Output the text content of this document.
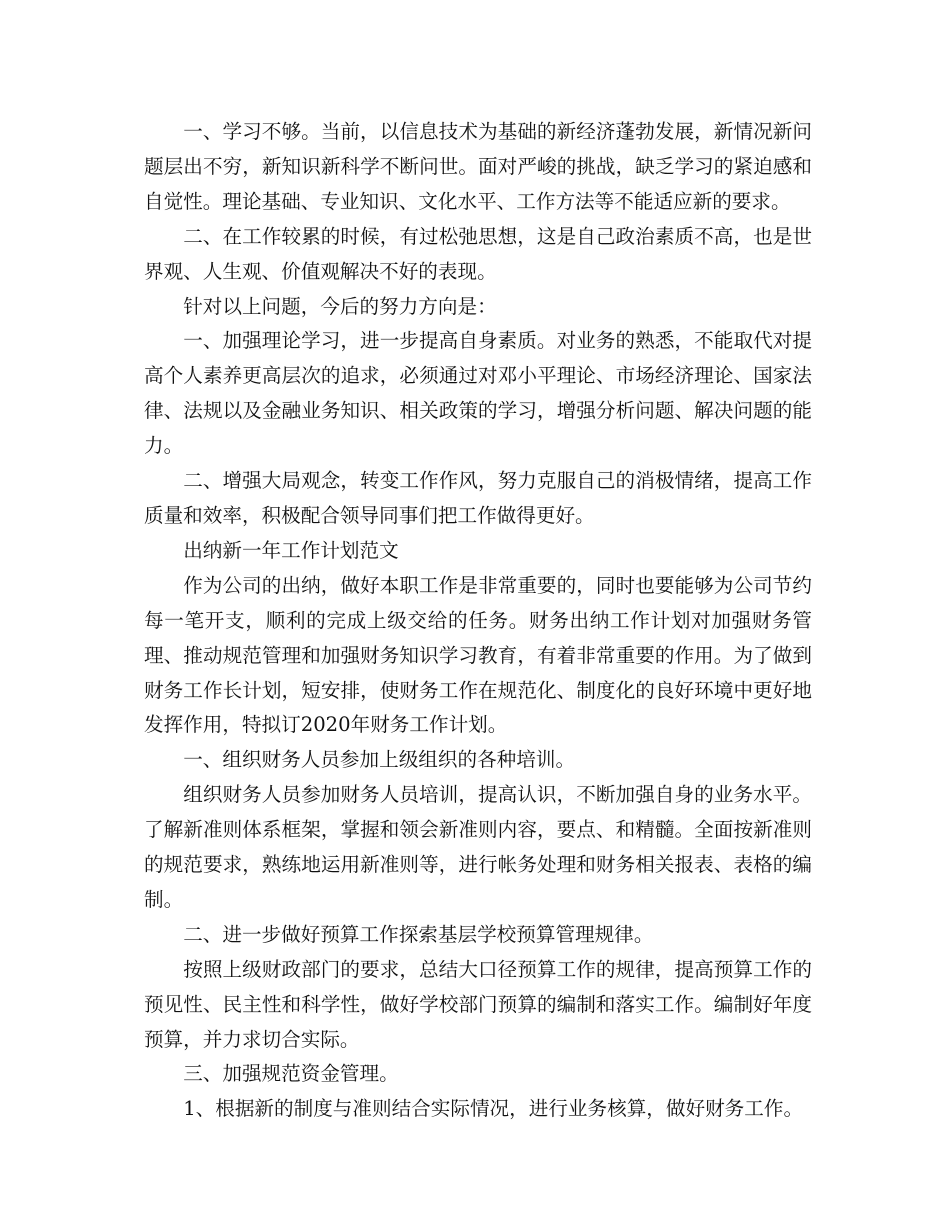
一、学习不够。当前，以信息技术为基础的新经济蓬勃发展，新情况新问题层出不穷，新知识新科学不断问世。面对严峻的挑战，缺乏学习的紧迫感和自觉性。理论基础、专业知识、文化水平、工作方法等不能适应新的要求。

二、在工作较累的时候，有过松弛思想，这是自己政治素质不高，也是世界观、人生观、价值观解决不好的表现。

针对以上问题，今后的努力方向是：

一、加强理论学习，进一步提高自身素质。对业务的熟悉，不能取代对提高个人素养更高层次的追求，必须通过对邓小平理论、市场经济理论、国家法律、法规以及金融业务知识、相关政策的学习，增强分析问题、解决问题的能力。

二、增强大局观念，转变工作作风，努力克服自己的消极情绪，提高工作质量和效率，积极配合领导同事们把工作做得更好。

出纳新一年工作计划范文

作为公司的出纳，做好本职工作是非常重要的，同时也要能够为公司节约每一笔开支，顺利的完成上级交给的任务。财务出纳工作计划对加强财务管理、推动规范管理和加强财务知识学习教育，有着非常重要的作用。为了做到财务工作长计划，短安排，使财务工作在规范化、制度化的良好环境中更好地发挥作用，特拟订2020年财务工作计划。

一、组织财务人员参加上级组织的各种培训。

组织财务人员参加财务人员培训，提高认识，不断加强自身的业务水平。了解新准则体系框架，掌握和领会新准则内容，要点、和精髓。全面按新准则的规范要求，熟练地运用新准则等，进行帐务处理和财务相关报表、表格的编制。

二、进一步做好预算工作探索基层学校预算管理规律。

按照上级财政部门的要求，总结大口径预算工作的规律，提高预算工作的预见性、民主性和科学性，做好学校部门预算的编制和落实工作。编制好年度预算，并力求切合实际。

三、加强规范资金管理。

1、根据新的制度与准则结合实际情况，进行业务核算，做好财务工作。
